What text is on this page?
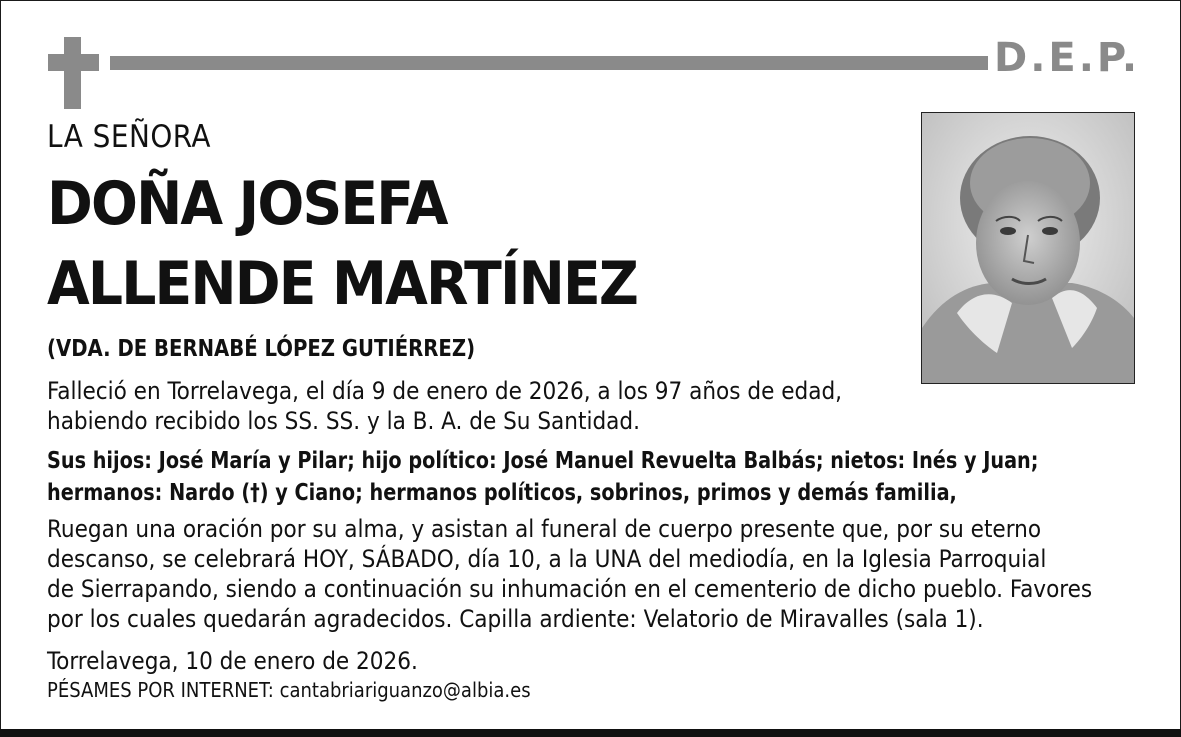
D.E.P.
LA SEÑORA
DOÑA JOSEFA
ALLENDE MARTÍNEZ
(VDA. DE BERNABÉ LÓPEZ GUTIÉRREZ)
Falleció en Torrelavega, el día 9 de enero de 2026, a los 97 años de edad,
habiendo recibido los SS. SS. y la B. A. de Su Santidad.
Sus hijos: José María y Pilar; hijo político: José Manuel Revuelta Balbás; nietos: Inés y Juan;
hermanos: Nardo (†) y Ciano; hermanos políticos, sobrinos, primos y demás familia,
Ruegan una oración por su alma, y asistan al funeral de cuerpo presente que, por su eterno
descanso, se celebrará HOY, SÁBADO, día 10, a la UNA del mediodía, en la Iglesia Parroquial
de Sierrapando, siendo a continuación su inhumación en el cementerio de dicho pueblo. Favores
por los cuales quedarán agradecidos. Capilla ardiente: Velatorio de Miravalles (sala 1).
Torrelavega, 10 de enero de 2026.
PÉSAMES POR INTERNET: cantabriariguanzo@albia.es
